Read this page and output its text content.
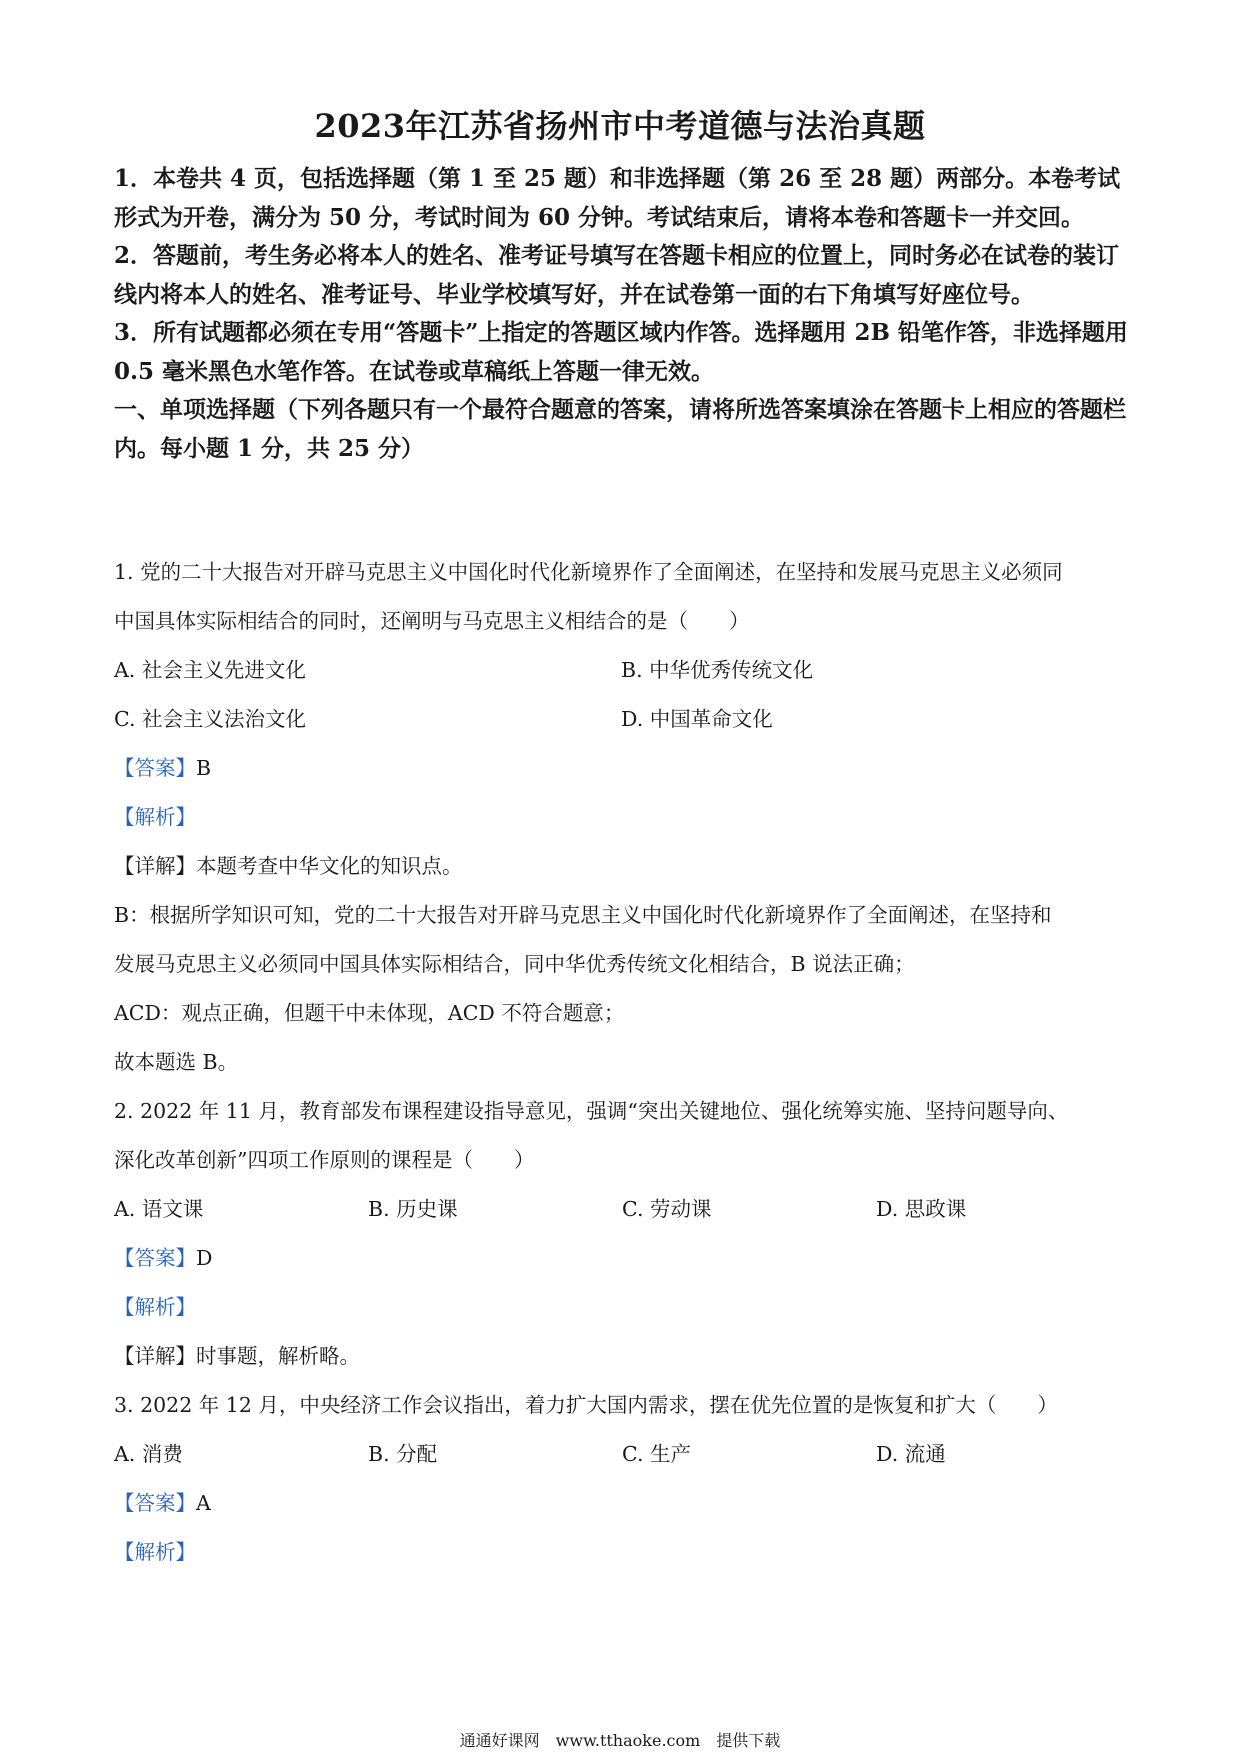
2023年江苏省扬州市中考道德与法治真题

1．本卷共 4 页，包括选择题（第 1 至 25 题）和非选择题（第 26 至 28 题）两部分。本卷考试形式为开卷，满分为 50 分，考试时间为 60 分钟。考试结束后，请将本卷和答题卡一并交回。

2．答题前，考生务必将本人的姓名、准考证号填写在答题卡相应的位置上，同时务必在试卷的装订线内将本人的姓名、准考证号、毕业学校填写好，并在试卷第一面的右下角填写好座位号。

3．所有试题都必须在专用“答题卡”上指定的答题区域内作答。选择题用 2B 铅笔作答，非选择题用 0.5 毫米黑色水笔作答。在试卷或草稿纸上答题一律无效。

一、单项选择题（下列各题只有一个最符合题意的答案，请将所选答案填涂在答题卡上相应的答题栏内。每小题 1 分，共 25 分）

1. 党的二十大报告对开辟马克思主义中国化时代化新境界作了全面阐述，在坚持和发展马克思主义必须同
中国具体实际相结合的同时，还阐明与马克思主义相结合的是（　　）
A. 社会主义先进文化	B. 中华优秀传统文化
C. 社会主义法治文化	D. 中国革命文化
【答案】B
【解析】
【详解】本题考查中华文化的知识点。
B：根据所学知识可知，党的二十大报告对开辟马克思主义中国化时代化新境界作了全面阐述，在坚持和
发展马克思主义必须同中国具体实际相结合，同中华优秀传统文化相结合，B 说法正确；
ACD：观点正确，但题干中未体现，ACD 不符合题意；
故本题选 B。
2. 2022 年 11 月，教育部发布课程建设指导意见，强调“突出关键地位、强化统筹实施、坚持问题导向、
深化改革创新”四项工作原则的课程是（　　）
A. 语文课	B. 历史课	C. 劳动课	D. 思政课
【答案】D
【解析】
【详解】时事题，解析略。
3. 2022 年 12 月，中央经济工作会议指出，着力扩大国内需求，摆在优先位置的是恢复和扩大（　　）
A. 消费	B. 分配	C. 生产	D. 流通
【答案】A
【解析】
通通好课网　www.tthaoke.com　提供下载
